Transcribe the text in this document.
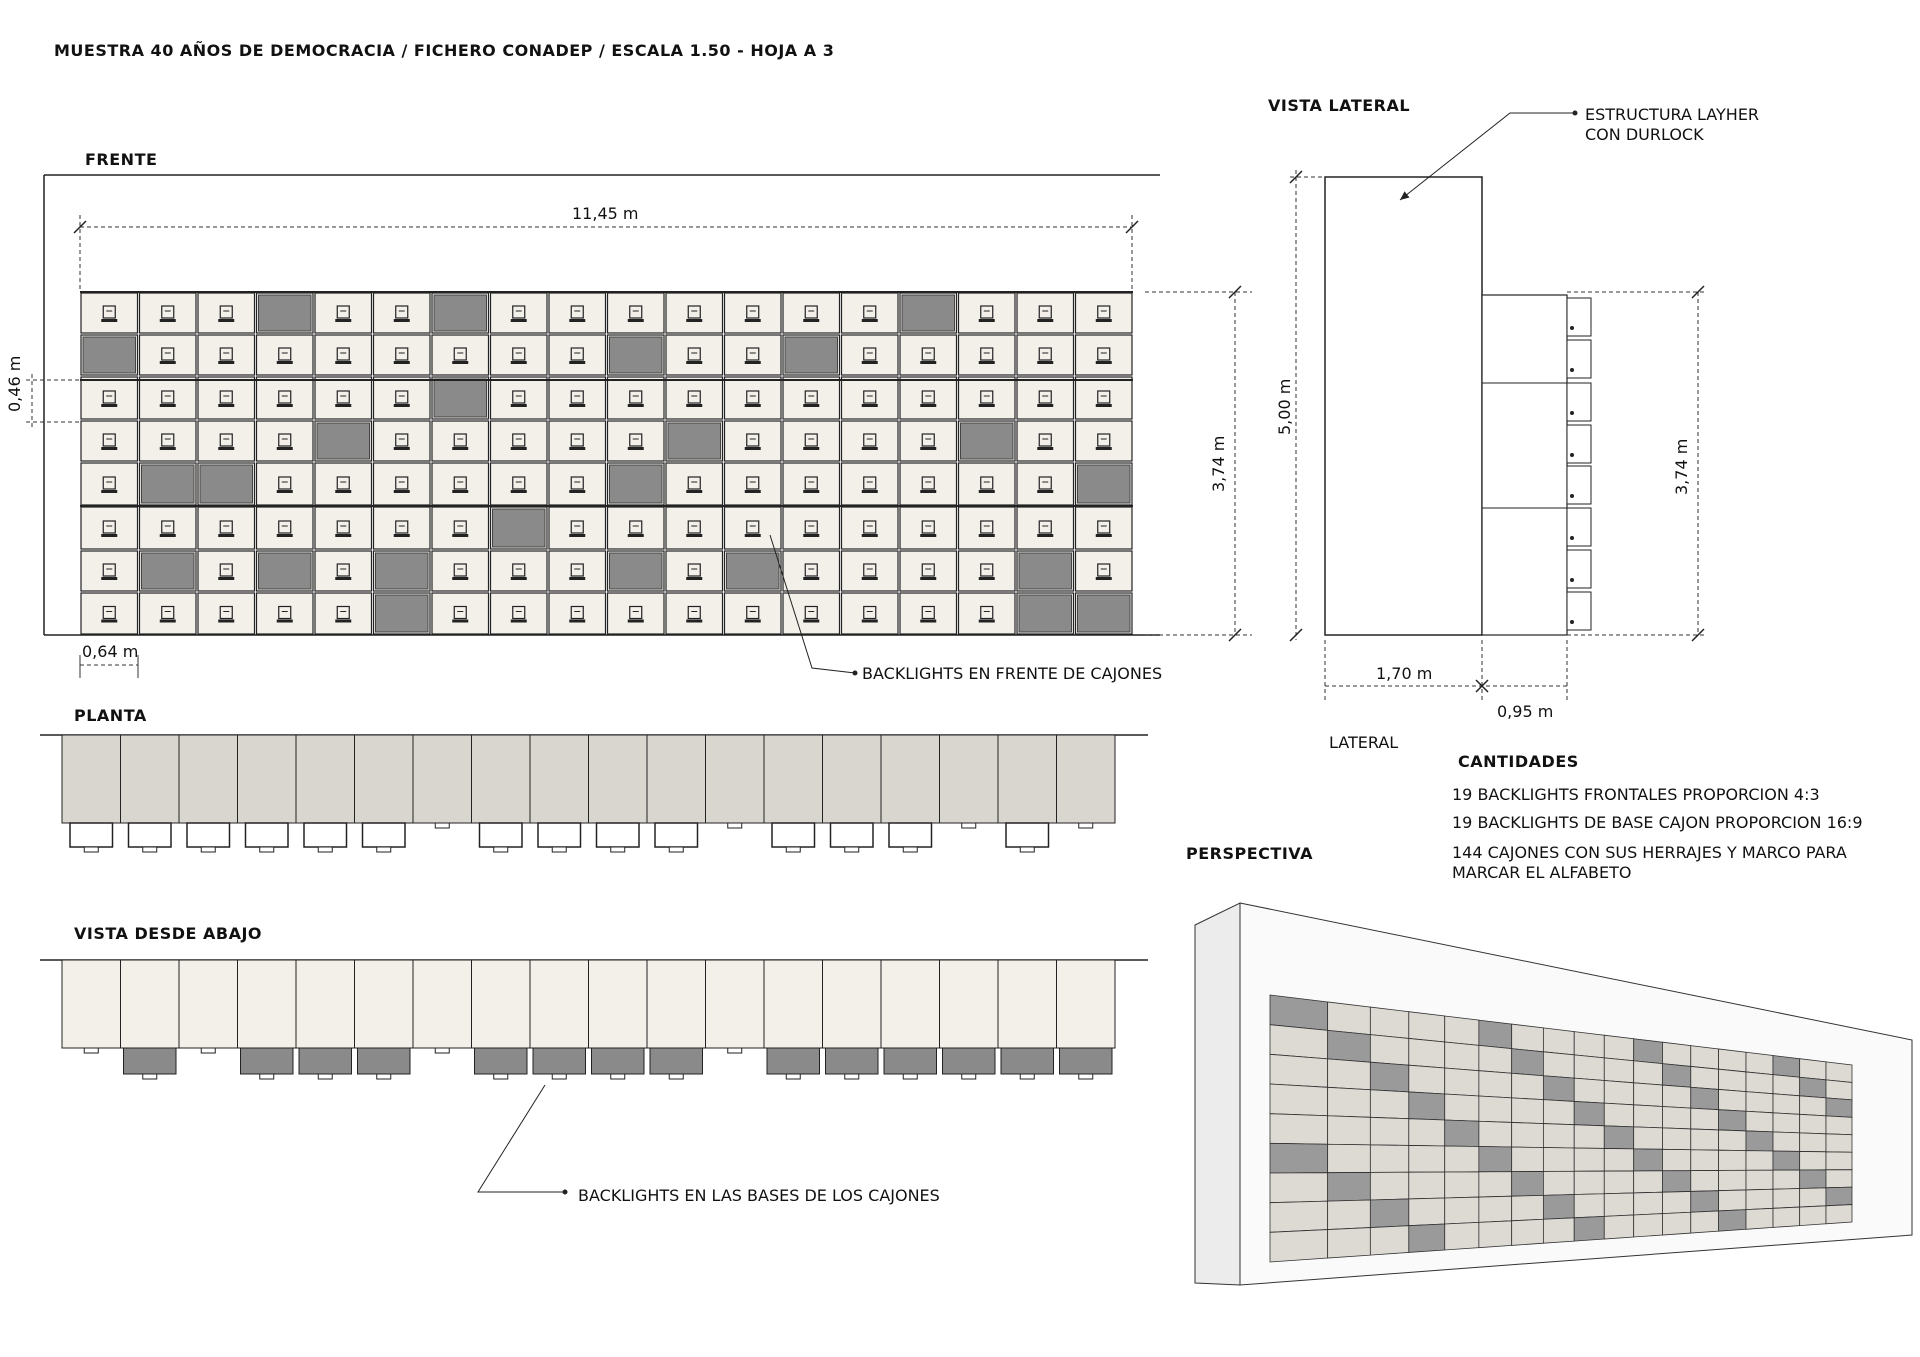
MUESTRA 40 AÑOS DE DEMOCRACIA / FICHERO CONADEP / ESCALA 1.50 - HOJA A 3
FRENTE
VISTA LATERAL
PLANTA
VISTA DESDE ABAJO
PERSPECTIVA
LATERAL
CANTIDADES
19 BACKLIGHTS FRONTALES PROPORCION 4:3
19 BACKLIGHTS DE BASE CAJON PROPORCION 16:9
144 CAJONES CON SUS HERRAJES Y MARCO PARA
MARCAR EL ALFABETO
11,45 m
0,46 m
3,74 m
0,64 m
5,00 m
3,74 m
1,70 m
0,95 m
ESTRUCTURA LAYHER
CON DURLOCK
BACKLIGHTS EN FRENTE DE CAJONES
BACKLIGHTS EN LAS BASES DE LOS CAJONES
